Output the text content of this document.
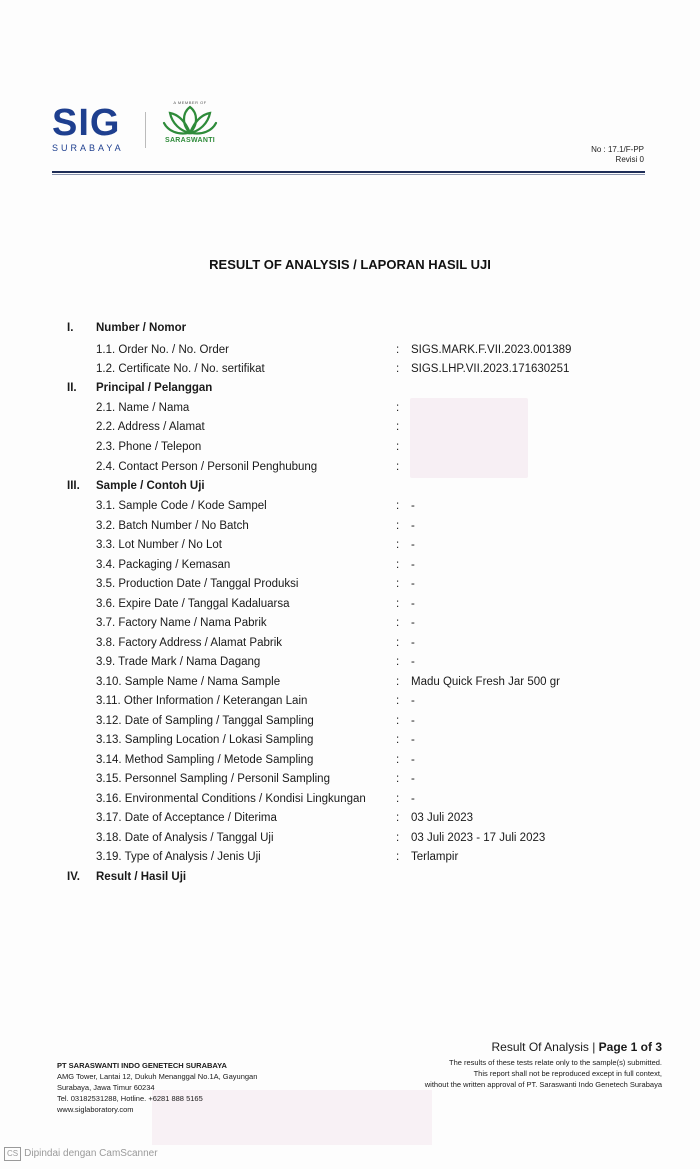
SIG
SURABAYA
A MEMBER OF
SARASWANTI
No : 17.1/F-PP
Revisi 0
RESULT OF ANALYSIS / LAPORAN HASIL UJI
I. Number / Nomor
1.1. Order No. / No. Order	: SIGS.MARK.F.VII.2023.001389
1.2. Certificate No. / No. sertifikat	: SIGS.LHP.VII.2023.171630251
II. Principal / Pelanggan
2.1. Name / Nama	:
2.2. Address / Alamat	:
2.3. Phone / Telepon	:
2.4. Contact Person / Personil Penghubung	:
III. Sample / Contoh Uji
3.1. Sample Code / Kode Sampel	: -
3.2. Batch Number / No Batch	: -
3.3. Lot Number / No Lot	: -
3.4. Packaging / Kemasan	: -
3.5. Production Date / Tanggal Produksi	: -
3.6. Expire Date / Tanggal Kadaluarsa	: -
3.7. Factory Name / Nama Pabrik	: -
3.8. Factory Address / Alamat Pabrik	: -
3.9. Trade Mark / Nama Dagang	: -
3.10. Sample Name / Nama Sample	: Madu Quick Fresh Jar 500 gr
3.11. Other Information / Keterangan Lain	: -
3.12. Date of Sampling / Tanggal Sampling	: -
3.13. Sampling Location / Lokasi Sampling	: -
3.14. Method Sampling / Metode Sampling	: -
3.15. Personnel Sampling / Personil Sampling	: -
3.16. Environmental Conditions / Kondisi Lingkungan	: -
3.17. Date of Acceptance / Diterima	: 03 Juli 2023
3.18. Date of Analysis / Tanggal Uji	: 03 Juli 2023 - 17 Juli 2023
3.19. Type of Analysis / Jenis Uji	: Terlampir
IV. Result / Hasil Uji
PT SARASWANTI INDO GENETECH SURABAYA
AMG Tower, Lantai 12, Dukuh Menanggal No.1A, Gayungan
Surabaya, Jawa Timur 60234
Tel. 03182531288, Hotline. +6281 888 5165
www.siglaboratory.com
Result Of Analysis | Page 1 of 3
The results of these tests relate only to the sample(s) submitted.
This report shall not be reproduced except in full context,
without the written approval of PT. Saraswanti Indo Genetech Surabaya
CS Dipindai dengan CamScanner
